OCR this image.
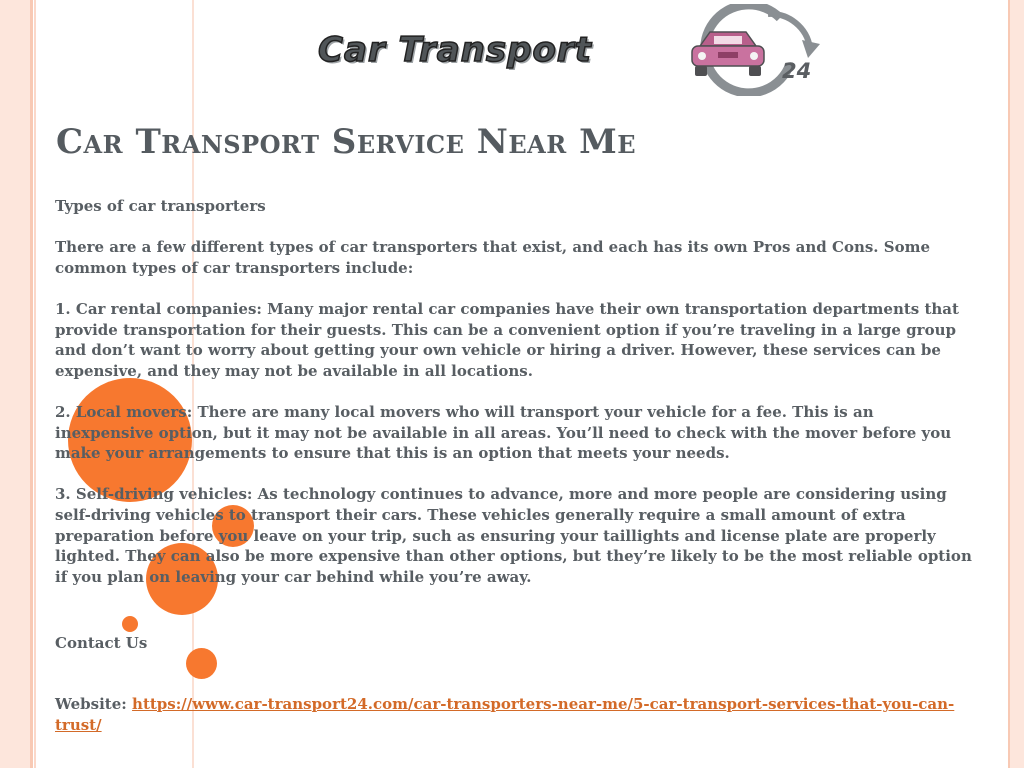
Car Transport
24
Car Transport Service Near Me

Types of car transporters

There are a few different types of car transporters that exist, and each has its own Pros and Cons. Some common types of car transporters include:

1. Car rental companies: Many major rental car companies have their own transportation departments that provide transportation for their guests. This can be a convenient option if you’re traveling in a large group and don’t want to worry about getting your own vehicle or hiring a driver. However, these services can be expensive, and they may not be available in all locations.

2. Local movers: There are many local movers who will transport your vehicle for a fee. This is an inexpensive option, but it may not be available in all areas. You’ll need to check with the mover before you make your arrangements to ensure that this is an option that meets your needs.

3. Self-driving vehicles: As technology continues to advance, more and more people are considering using self-driving vehicles to transport their cars. These vehicles generally require a small amount of extra preparation before you leave on your trip, such as ensuring your taillights and license plate are properly lighted. They can also be more expensive than other options, but they’re likely to be the most reliable option if you plan on leaving your car behind while you’re away.

Contact Us

Website: https://www.car-transport24.com/car-transporters-near-me/5-car-transport-services-that-you-can-trust/
